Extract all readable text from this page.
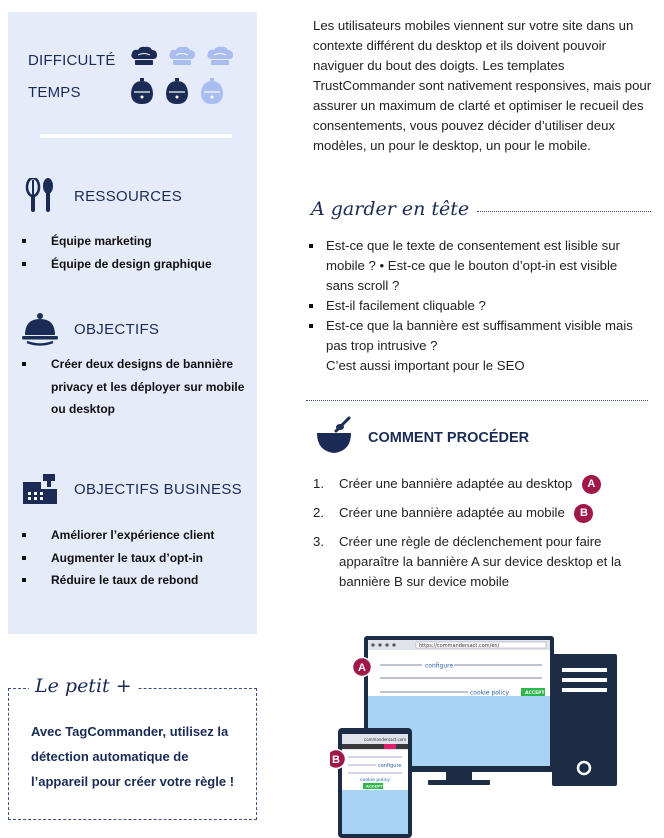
DIFFICULTÉ
TEMPS
RESSOURCES
Équipe marketing
Équipe de design graphique
OBJECTIFS
Créer deux designs de bannière privacy et les déployer sur mobile ou desktop
OBJECTIFS BUSINESS
Améliorer l’expérience client
Augmenter le taux d’opt-in
Réduire le taux de rebond
Le petit +
Avec TagCommander, utilisez la détection automatique de l’appareil pour créer votre règle !

Les utilisateurs mobiles viennent sur votre site dans un contexte différent du desktop et ils doivent pouvoir naviguer du bout des doigts. Les templates TrustCommander sont nativement responsives, mais pour assurer un maximum de clarté et optimiser le recueil des consentements, vous pouvez décider d’utiliser deux modèles, un pour le desktop, un pour le mobile.

A garder en tête
Est-ce que le texte de consentement est lisible sur mobile ? • Est-ce que le bouton d’opt-in est visible sans scroll ?
Est-il facilement cliquable ?
Est-ce que la bannière est suffisamment visible mais pas trop intrusive ?
C’est aussi important pour le SEO
COMMENT PROCÉDER
1. Créer une bannière adaptée au desktop A
2. Créer une bannière adaptée au mobile B
3. Créer une règle de déclenchement pour faire apparaître la bannière A sur device desktop et la bannière B sur device mobile
https://commandersact.com/en/
configure
cookie policy	ACCEPT
A
commandersact.com
configure
cookie policy
ACCEPT
B
